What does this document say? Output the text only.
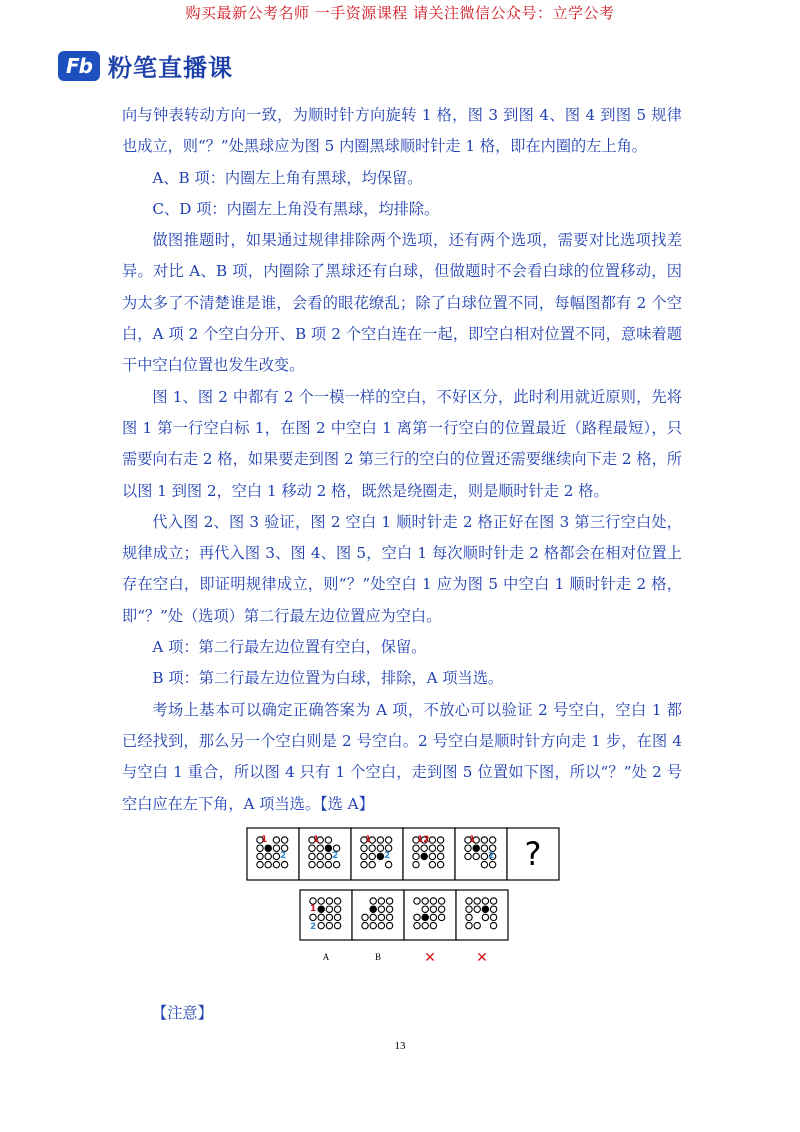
购买最新公考名师 一手资源课程 请关注微信公众号：立学公考
Fb 粉笔直播课

向与钟表转动方向一致，为顺时针方向旋转 1 格，图 3 到图 4、图 4 到图 5 规律也成立，则“？”处黑球应为图 5 内圈黑球顺时针走 1 格，即在内圈的左上角。

A、B 项：内圈左上角有黑球，均保留。

C、D 项：内圈左上角没有黑球，均排除。

做图推题时，如果通过规律排除两个选项，还有两个选项，需要对比选项找差异。对比 A、B 项，内圈除了黑球还有白球，但做题时不会看白球的位置移动，因为太多了不清楚谁是谁，会看的眼花缭乱；除了白球位置不同，每幅图都有 2 个空白，A 项 2 个空白分开、B 项 2 个空白连在一起，即空白相对位置不同，意味着题干中空白位置也发生改变。

图 1、图 2 中都有 2 个一模一样的空白，不好区分，此时利用就近原则，先将图 1 第一行空白标 1，在图 2 中空白 1 离第一行空白的位置最近（路程最短），只需要向右走 2 格，如果要走到图 2 第三行的空白的位置还需要继续向下走 2 格，所以图 1 到图 2，空白 1 移动 2 格，既然是绕圈走，则是顺时针走 2 格。

代入图 2、图 3 验证，图 2 空白 1 顺时针走 2 格正好在图 3 第三行空白处，规律成立；再代入图 3、图 4、图 5，空白 1 每次顺时针走 2 格都会在相对位置上存在空白，即证明规律成立，则“？”处空白 1 应为图 5 中空白 1 顺时针走 2 格，即“？”处（选项）第二行最左边位置应为空白。

A 项：第二行最左边位置有空白，保留。

B 项：第二行最左边位置为白球，排除，A 项当选。

考场上基本可以确定正确答案为 A 项，不放心可以验证 2 号空白，空白 1 都已经找到，那么另一个空白则是 2 号空白。2 号空白是顺时针方向走 1 步，在图 4 与空白 1 重合，所以图 4 只有 1 个空白，走到图 5 位置如下图，所以“？”处 2 号空白应在左下角，A 项当选。【选 A】

1
2
1
2
1
2
12	1
2 ?
1
2
A	B	✕	✕
【注意】
13
